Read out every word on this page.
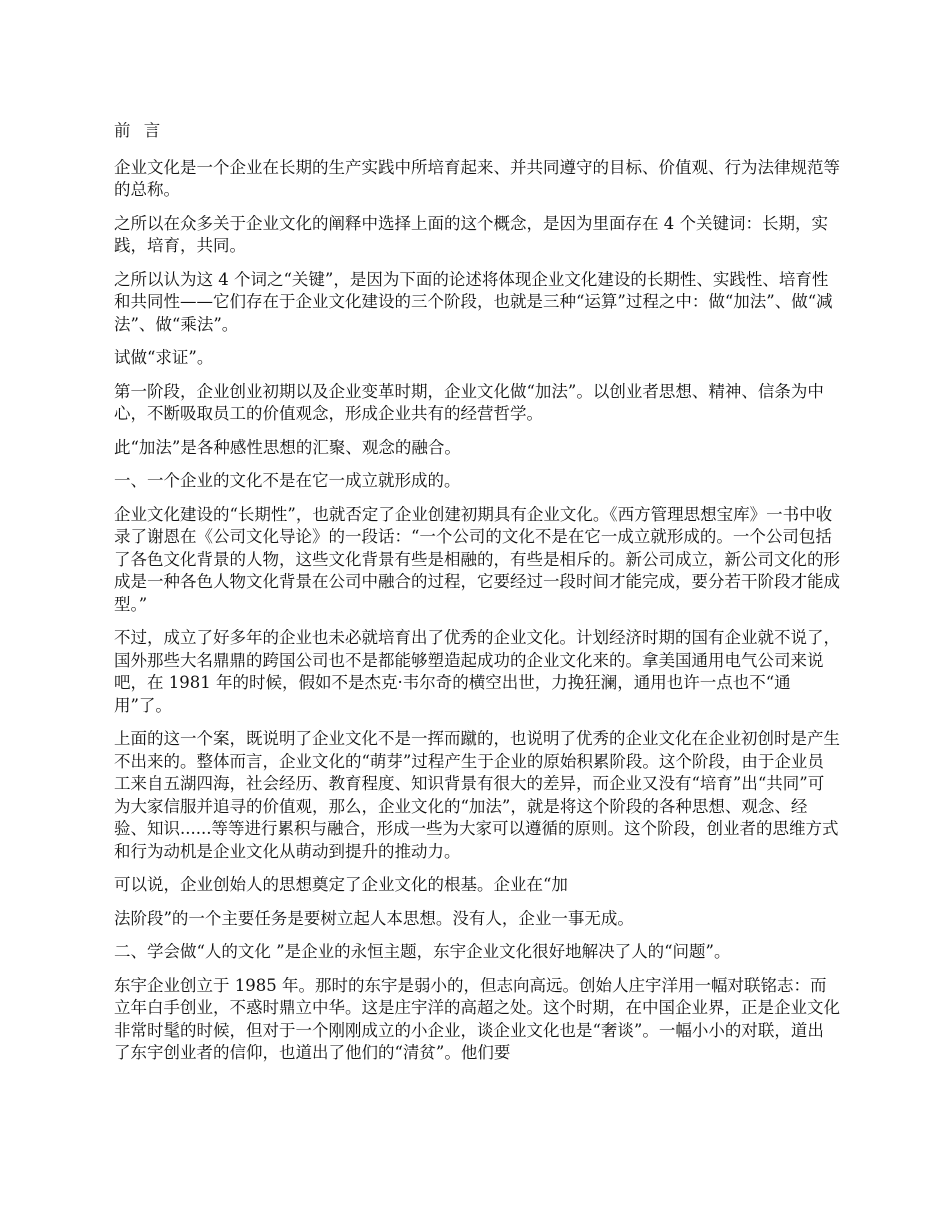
前 言

企业文化是一个企业在长期的生产实践中所培育起来、并共同遵守的目标、价值观、行为法律规范等的总称。

之所以在众多关于企业文化的阐释中选择上面的这个概念，是因为里面存在 4 个关键词：长期，实践，培育，共同。

之所以认为这 4 个词之“关键”，是因为下面的论述将体现企业文化建设的长期性、实践性、培育性和共同性——它们存在于企业文化建设的三个阶段，也就是三种“运算”过程之中：做“加法”、做“减法”、做“乘法”。

试做“求证”。

第一阶段，企业创业初期以及企业变革时期，企业文化做“加法”。以创业者思想、精神、信条为中心，不断吸取员工的价值观念，形成企业共有的经营哲学。

此“加法”是各种感性思想的汇聚、观念的融合。

一、一个企业的文化不是在它一成立就形成的。

企业文化建设的“长期性”，也就否定了企业创建初期具有企业文化。《西方管理思想宝库》一书中收录了谢恩在《公司文化导论》的一段话：“一个公司的文化不是在它一成立就形成的。一个公司包括了各色文化背景的人物，这些文化背景有些是相融的，有些是相斥的。新公司成立，新公司文化的形成是一种各色人物文化背景在公司中融合的过程，它要经过一段时间才能完成，要分若干阶段才能成型。”

不过，成立了好多年的企业也未必就培育出了优秀的企业文化。计划经济时期的国有企业就不说了，国外那些大名鼎鼎的跨国公司也不是都能够塑造起成功的企业文化来的。拿美国通用电气公司来说吧，在 1981 年的时候，假如不是杰克·韦尔奇的横空出世，力挽狂澜，通用也许一点也不“通用”了。

上面的这一个案，既说明了企业文化不是一挥而蹴的，也说明了优秀的企业文化在企业初创时是产生不出来的。整体而言，企业文化的“萌芽”过程产生于企业的原始积累阶段。这个阶段，由于企业员工来自五湖四海，社会经历、教育程度、知识背景有很大的差异，而企业又没有“培育”出“共同”可为大家信服并追寻的价值观，那么，企业文化的“加法”，就是将这个阶段的各种思想、观念、经验、知识......等等进行累积与融合，形成一些为大家可以遵循的原则。这个阶段，创业者的思维方式和行为动机是企业文化从萌动到提升的推动力。

可以说，企业创始人的思想奠定了企业文化的根基。企业在“加

法阶段”的一个主要任务是要树立起人本思想。没有人，企业一事无成。

二、学会做“人的文化 ”是企业的永恒主题，东宇企业文化很好地解决了人的“问题”。

东宇企业创立于 1985 年。那时的东宇是弱小的，但志向高远。创始人庄宇洋用一幅对联铭志：而立年白手创业，不惑时鼎立中华。这是庄宇洋的高超之处。这个时期，在中国企业界，正是企业文化非常时髦的时候，但对于一个刚刚成立的小企业，谈企业文化也是“奢谈”。一幅小小的对联，道出了东宇创业者的信仰，也道出了他们的“清贫”。他们要
